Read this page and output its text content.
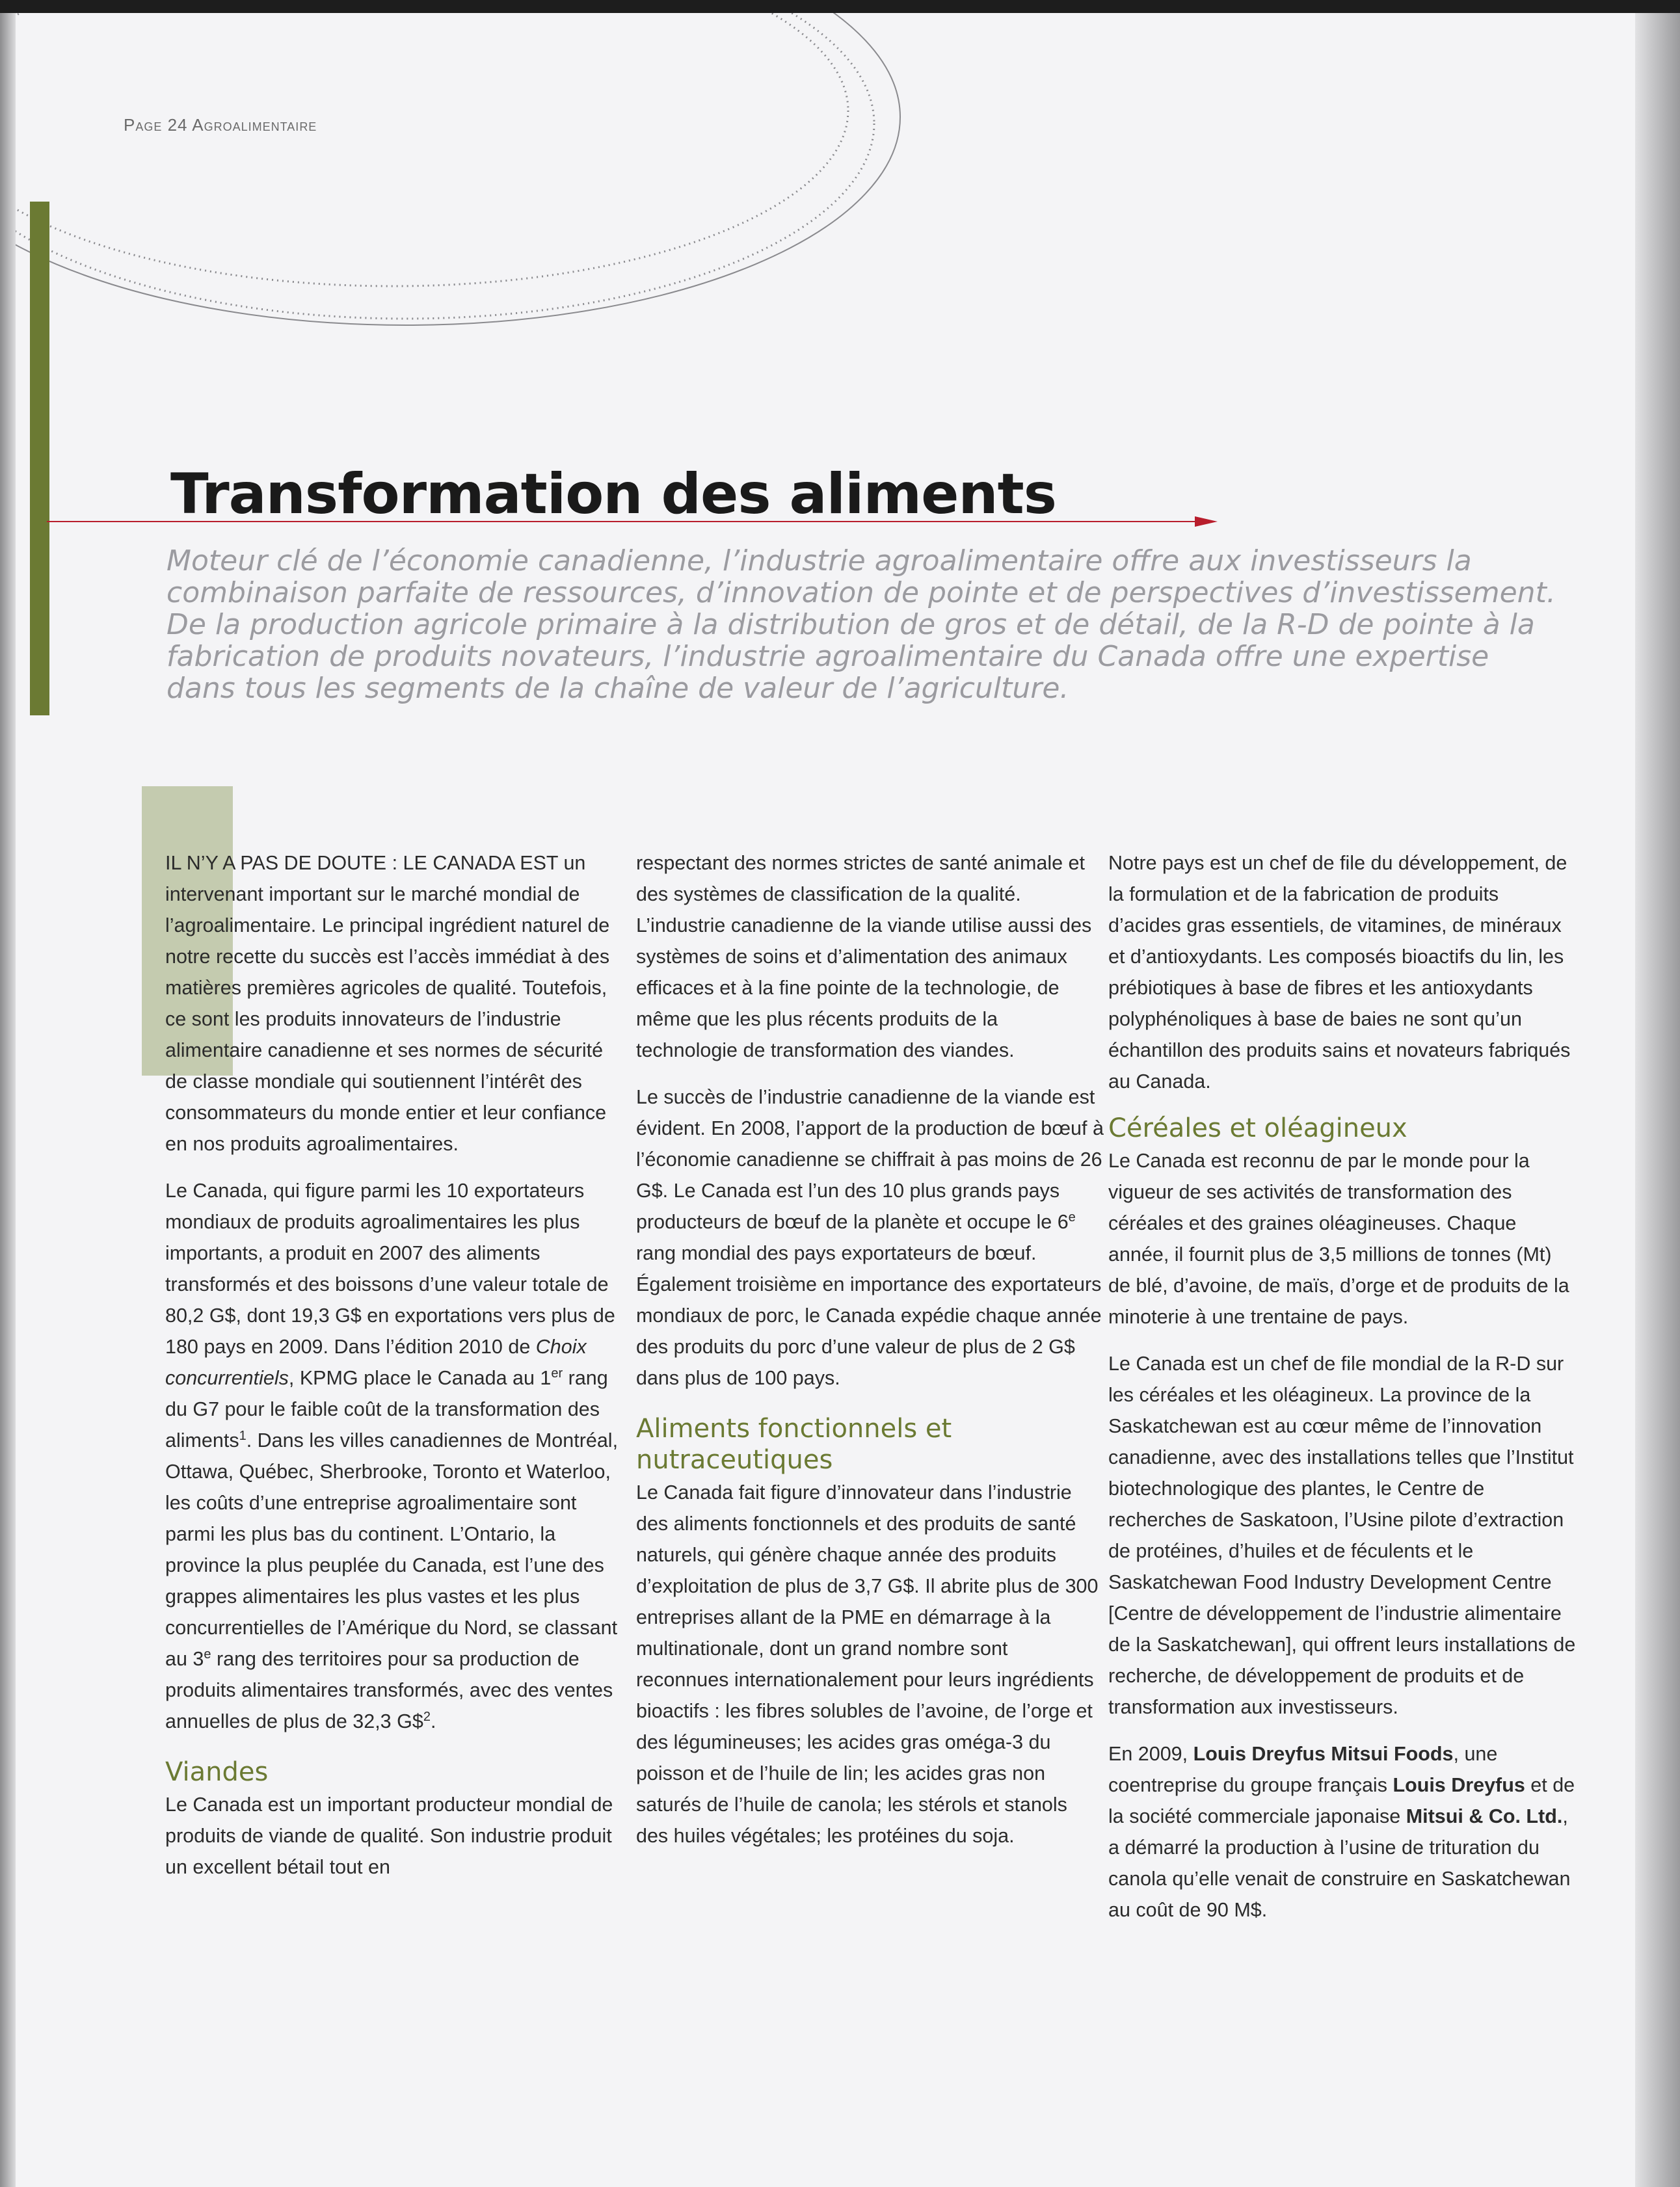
Page 24 Agroalimentaire
Transformation des aliments

Moteur clé de l’économie canadienne, l’industrie agroalimentaire offre aux investisseurs la combinaison parfaite de ressources, d’innovation de pointe et de perspectives d’investissement. De la production agricole primaire à la distribution de gros et de détail, de la R-D de pointe à la fabrication de produits novateurs, l’industrie agroalimentaire du Canada offre une expertise dans tous les segments de la chaîne de valeur de l’agriculture.

IL N’Y A PAS DE DOUTE : LE CANADA EST un intervenant important sur le marché mondial de l’agroalimentaire. Le principal ingrédient naturel de notre recette du succès est l’accès immédiat à des matières premières agricoles de qualité. Toutefois, ce sont les produits innovateurs de l’industrie alimentaire canadienne et ses normes de sécurité de classe mondiale qui soutiennent l’intérêt des consommateurs du monde entier et leur confiance en nos produits agroalimentaires.

Le Canada, qui figure parmi les 10 exportateurs mondiaux de produits agroalimentaires les plus importants, a produit en 2007 des aliments transformés et des boissons d’une valeur totale de 80,2 G$, dont 19,3 G$ en exportations vers plus de 180 pays en 2009. Dans l’édition 2010 de Choix concurrentiels, KPMG place le Canada au 1er rang du G7 pour le faible coût de la transformation des aliments$^1$. Dans les villes canadiennes de Montréal, Ottawa, Québec, Sherbrooke, Toronto et Waterloo, les coûts d’une entreprise agroalimentaire sont parmi les plus bas du continent. L’Ontario, la province la plus peuplée du Canada, est l’une des grappes alimentaires les plus vastes et les plus concurrentielles de l’Amérique du Nord, se classant au 3e rang des territoires pour sa production de produits alimentaires transformés, avec des ventes annuelles de plus de 32,3 G\$$^2$.

Viandes

Le Canada est un important producteur mondial de produits de viande de qualité. Son industrie produit un excellent bétail tout en

respectant des normes strictes de santé animale et des systèmes de classification de la qualité. L’industrie canadienne de la viande utilise aussi des systèmes de soins et d’alimentation des animaux efficaces et à la fine pointe de la technologie, de même que les plus récents produits de la technologie de transformation des viandes.

Le succès de l’industrie canadienne de la viande est évident. En 2008, l’apport de la production de bœuf à l’économie canadienne se chiffrait à pas moins de 26 G$. Le Canada est l’un des 10 plus grands pays producteurs de bœuf de la planète et occupe le 6e rang mondial des pays exportateurs de bœuf. Également troisième en importance des exportateurs mondiaux de porc, le Canada expédie chaque année des produits du porc d’une valeur de plus de 2 G$ dans plus de 100 pays.

Aliments fonctionnels et nutraceutiques

Le Canada fait figure d’innovateur dans l’industrie des aliments fonctionnels et des produits de santé naturels, qui génère chaque année des produits d’exploitation de plus de 3,7 G$. Il abrite plus de 300 entreprises allant de la PME en démarrage à la multinationale, dont un grand nombre sont reconnues internationalement pour leurs ingrédients bioactifs : les fibres solubles de l’avoine, de l’orge et des légumineuses; les acides gras oméga-3 du poisson et de l’huile de lin; les acides gras non saturés de l’huile de canola; les stérols et stanols des huiles végétales; les protéines du soja.

Notre pays est un chef de file du développement, de la formulation et de la fabrication de produits d’acides gras essentiels, de vitamines, de minéraux et d’antioxydants. Les composés bioactifs du lin, les prébiotiques à base de fibres et les antioxydants polyphénoliques à base de baies ne sont qu’un échantillon des produits sains et novateurs fabriqués au Canada.

Céréales et oléagineux

Le Canada est reconnu de par le monde pour la vigueur de ses activités de transformation des céréales et des graines oléagineuses. Chaque année, il fournit plus de 3,5 millions de tonnes (Mt) de blé, d’avoine, de maïs, d’orge et de produits de la minoterie à une trentaine de pays.

Le Canada est un chef de file mondial de la R-D sur les céréales et les oléagineux. La province de la Saskatchewan est au cœur même de l’innovation canadienne, avec des installations telles que l’Institut biotechnologique des plantes, le Centre de recherches de Saskatoon, l’Usine pilote d’extraction de protéines, d’huiles et de féculents et le Saskatchewan Food Industry Development Centre [Centre de développement de l’industrie alimentaire de la Saskatchewan], qui offrent leurs installations de recherche, de développement de produits et de transformation aux investisseurs.

En 2009, Louis Dreyfus Mitsui Foods, une coentreprise du groupe français Louis Dreyfus et de la société commerciale japonaise Mitsui & Co. Ltd., a démarré la production à l’usine de trituration du canola qu’elle venait de construire en Saskatchewan au coût de 90 M$.
